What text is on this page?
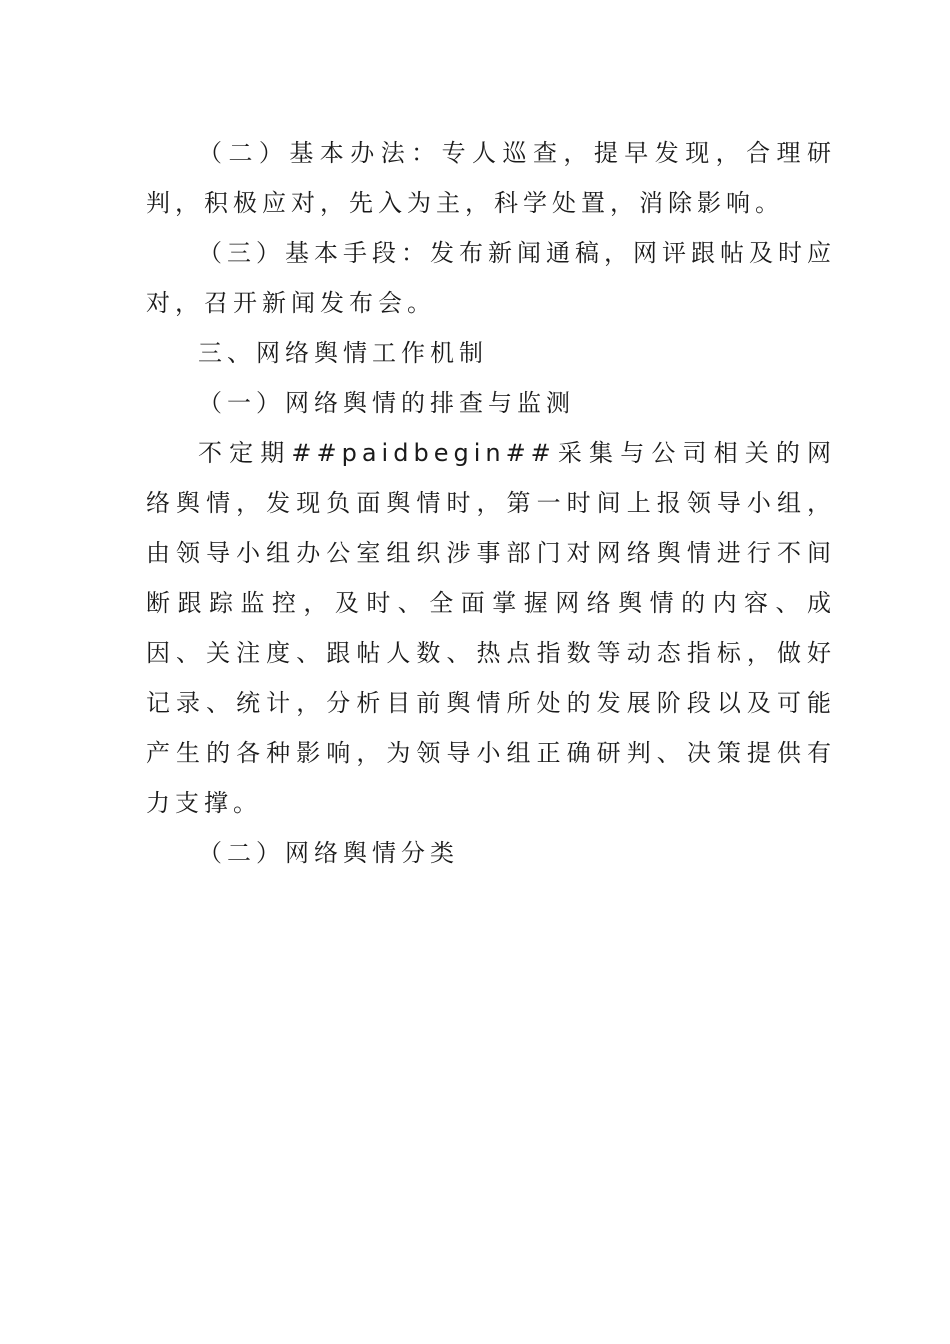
（二）基本办法：专人巡查，提早发现，合理研判，积极应对，先入为主，科学处置，消除影响。

（三）基本手段：发布新闻通稿，网评跟帖及时应对，召开新闻发布会。

三、网络舆情工作机制

（一）网络舆情的排查与监测

不定期##paidbegin##采集与公司相关的网络舆情，发现负面舆情时，第一时间上报领导小组，由领导小组办公室组织涉事部门对网络舆情进行不间断跟踪监控，及时、全面掌握网络舆情的内容、成因、关注度、跟帖人数、热点指数等动态指标，做好记录、统计，分析目前舆情所处的发展阶段以及可能产生的各种影响，为领导小组正确研判、决策提供有力支撑。

（二）网络舆情分类
